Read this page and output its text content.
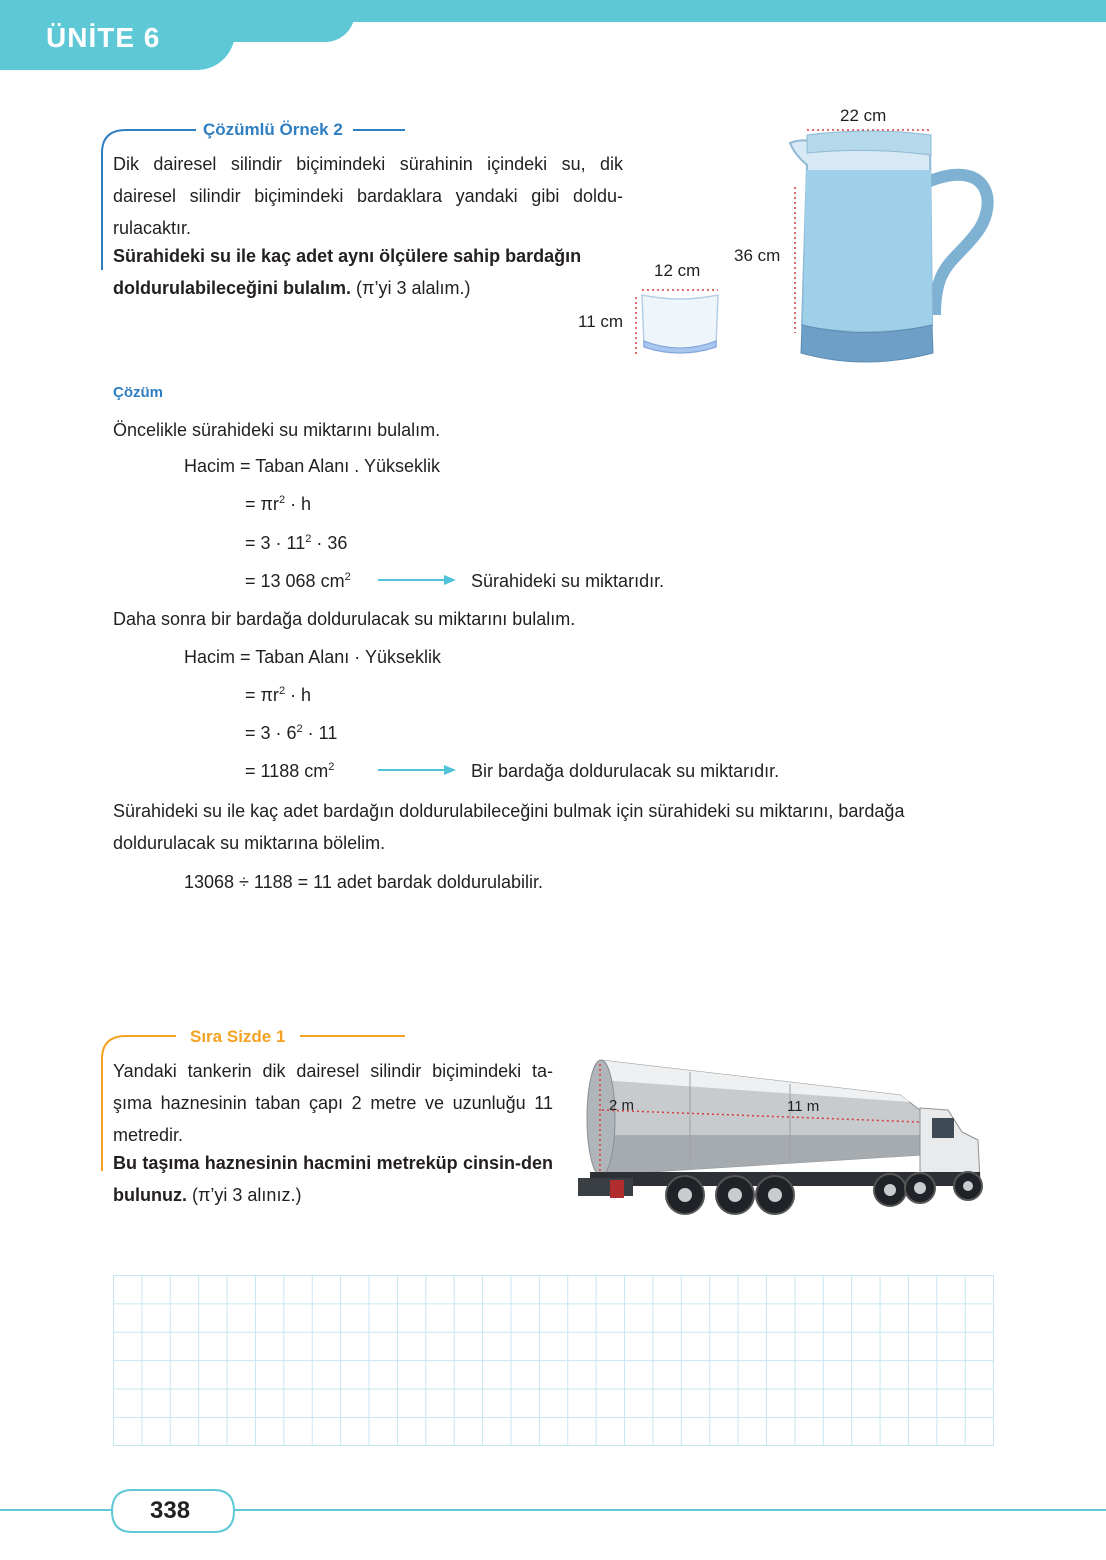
ÜNİTE 6
Çözümlü Örnek 2
Dik dairesel silindir biçimindeki sürahinin içindeki su, dik dairesel silindir biçimindeki bardaklara yandaki gibi doldu-rulacaktır.
Sürahideki su ile kaç adet aynı ölçülere sahip bardağın doldurulabileceğini bulalım. (π’yi 3 alalım.)
12 cm
11 cm
22 cm
36 cm
Çözüm
Öncelikle sürahideki su miktarını bulalım.
Hacim = Taban Alanı . Yükseklik
= $\pi r^2 \cdot h$
= $3 \cdot 11^2 \cdot 36$
= 13 068 $cm^2$	Sürahideki su miktarıdır.
Daha sonra bir bardağa doldurulacak su miktarını bulalım.
Hacim = Taban Alanı · Yükseklik
= $\pi r^2 \cdot h$
= $3 \cdot 6^2 \cdot 11$
= 1188 $cm^2$	Bir bardağa doldurulacak su miktarıdır.
Sürahideki su ile kaç adet bardağın doldurulabileceğini bulmak için sürahideki su miktarını, bardağa doldurulacak su miktarına bölelim.
13068 ÷ 1188 = 11 adet bardak doldurulabilir.
Sıra Sizde 1
Yandaki tankerin dik dairesel silindir biçimindeki ta-şıma haznesinin taban çapı 2 metre ve uzunluğu 11 metredir.
Bu taşıma haznesinin hacmini metreküp cinsin-den bulunuz. (π’yi 3 alınız.)
2 m	11 m
338
